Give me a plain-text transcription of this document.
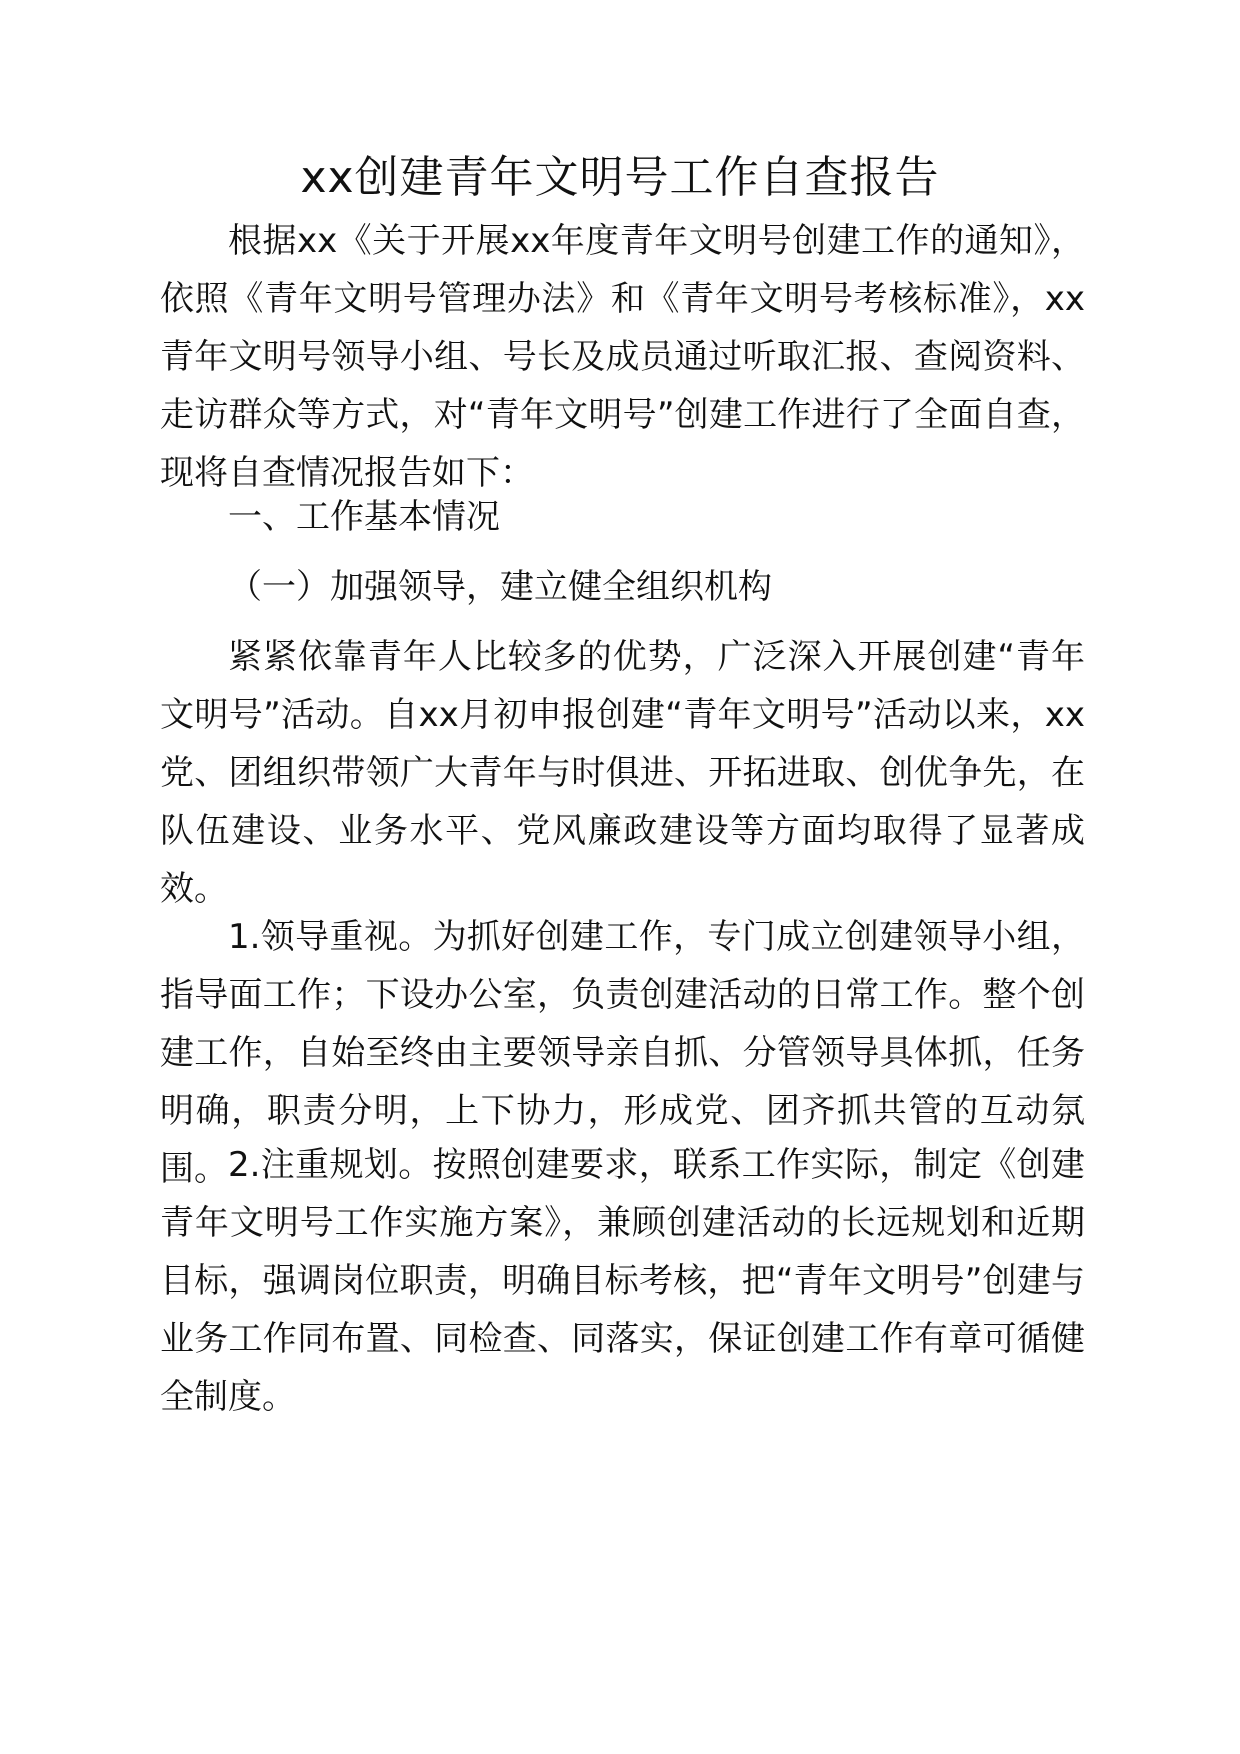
xx创建青年文明号工作自查报告

根据xx《关于开展xx年度青年文明号创建工作的通知》，依照《青年文明号管理办法》和《青年文明号考核标准》，xx青年文明号领导小组、号长及成员通过听取汇报、查阅资料、走访群众等方式，对“青年文明号”创建工作进行了全面自查，现将自查情况报告如下：

一、工作基本情况
（一）加强领导，建立健全组织机构

紧紧依靠青年人比较多的优势，广泛深入开展创建“青年文明号”活动。自xx月初申报创建“青年文明号”活动以来，xx党、团组织带领广大青年与时俱进、开拓进取、创优争先，在队伍建设、业务水平、党风廉政建设等方面均取得了显著成效。

1.领导重视。为抓好创建工作，专门成立创建领导小组，指导面工作；下设办公室，负责创建活动的日常工作。整个创建工作，自始至终由主要领导亲自抓、分管领导具体抓，任务明确，职责分明，上下协力，形成党、团齐抓共管的互动氛围。 2.注重规划。按照创建要求，联系工作实际，制定《创建青年文明号工作实施方案》，兼顾创建活动的长远规划和近期目标，强调岗位职责，明确目标考核，把“青年文明号”创建与业务工作同布置、同检查、同落实，保证创建工作有章可循健全制度。
